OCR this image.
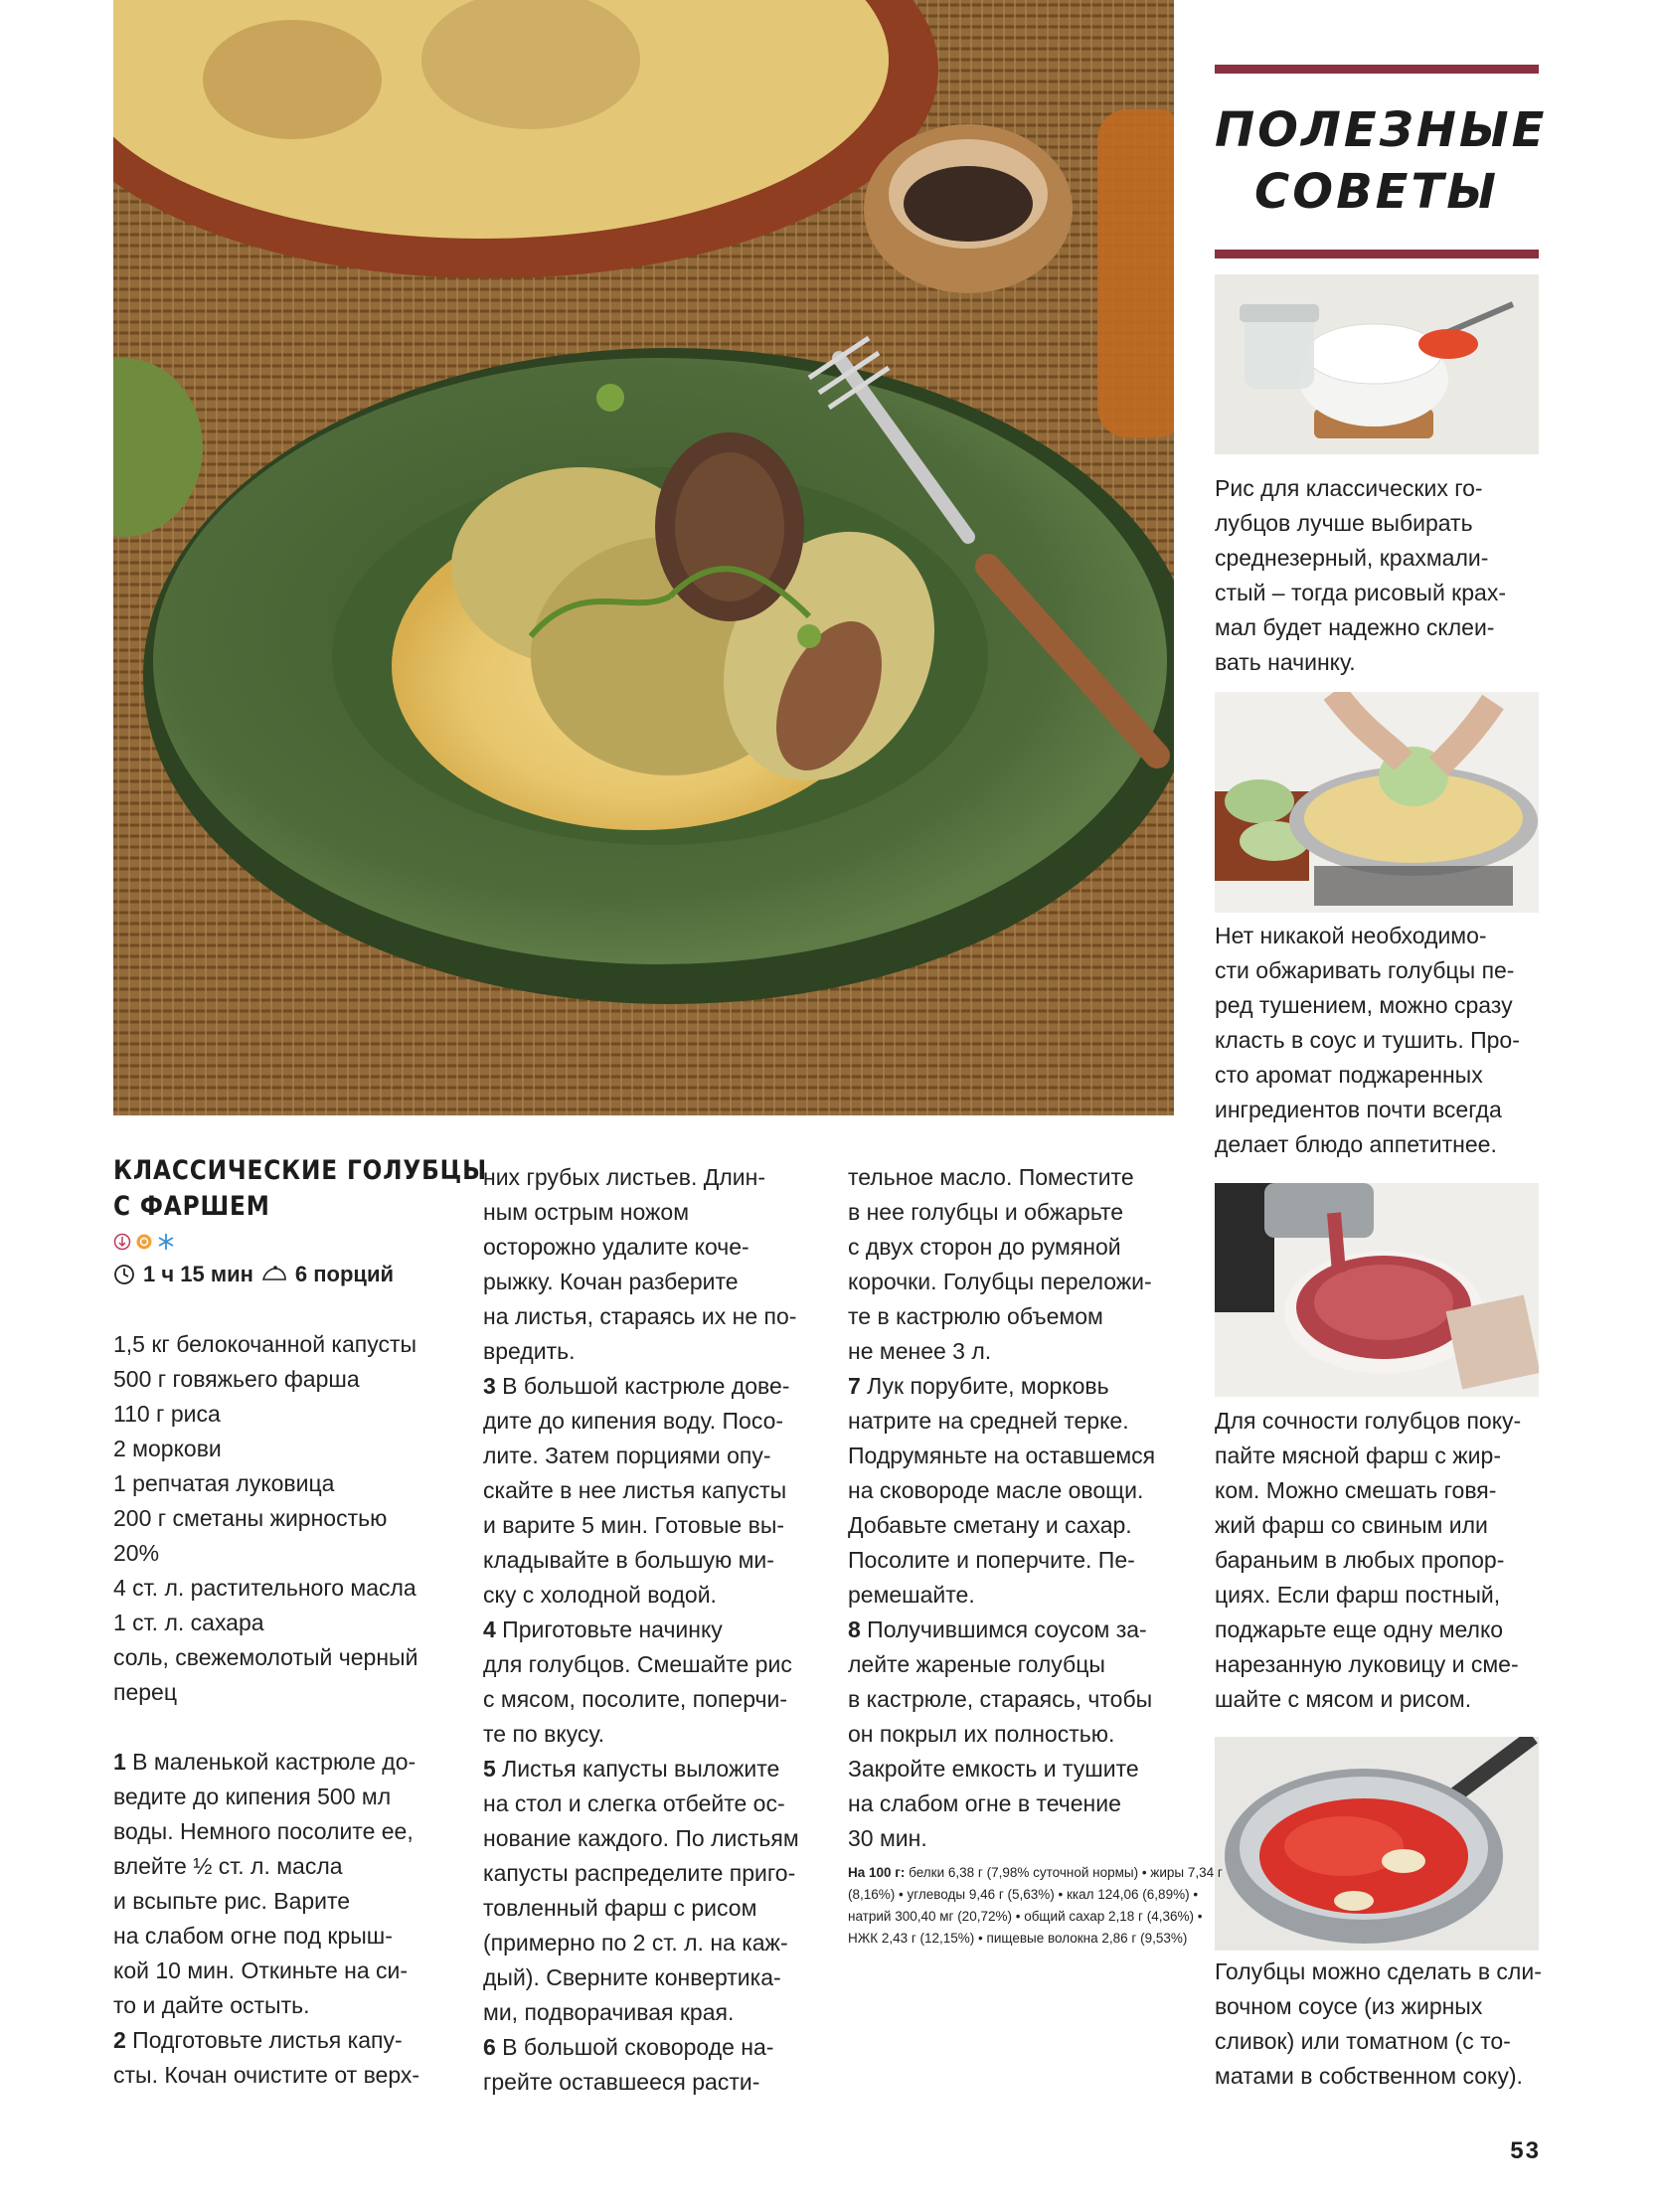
ПОЛЕЗНЫЕ
СОВЕТЫ
Рис для классических го-
лубцов лучше выбирать
среднезерный, крахмали-
стый – тогда рисовый крах-
мал будет надежно склеи-
вать начинку.
Нет никакой необходимо-
сти обжаривать голубцы пе-
ред тушением, можно сразу
класть в соус и тушить. Про-
сто аромат поджаренных
ингредиентов почти всегда
делает блюдо аппетитнее.
Для сочности голубцов поку-
пайте мясной фарш с жир-
ком. Можно смешать говя-
жий фарш со свиным или
бараньим в любых пропор-
циях. Если фарш постный,
поджарьте еще одну мелко
нарезанную луковицу и сме-
шайте с мясом и рисом.
Голубцы можно сделать в сли-
вочном соусе (из жирных
сливок) или томатном (с то-
матами в собственном соку).
КЛАССИЧЕСКИЕ ГОЛУБЦЫ
С ФАРШЕМ
1 ч 15 мин 6 порций
1,5 кг белокочанной капусты
500 г говяжьего фарша
110 г риса
2 моркови
1 репчатая луковица
200 г сметаны жирностью
20%
4 ст. л. растительного масла
1 ст. л. сахара
соль, свежемолотый черный
перец
1 В маленькой кастрюле до-
ведите до кипения 500 мл
воды. Немного посолите ее,
влейте ½ ст. л. масла
и всыпьте рис. Варите
на слабом огне под крыш-
кой 10 мин. Откиньте на си-
то и дайте остыть.
2 Подготовьте листья капу-
сты. Кочан очистите от верх-
них грубых листьев. Длин-
ным острым ножом
осторожно удалите коче-
рыжку. Кочан разберите
на листья, стараясь их не по-
вредить.
3 В большой кастрюле дове-
дите до кипения воду. Посо-
лите. Затем порциями опу-
скайте в нее листья капусты
и варите 5 мин. Готовые вы-
кладывайте в большую ми-
ску с холодной водой.
4 Приготовьте начинку
для голубцов. Смешайте рис
с мясом, посолите, поперчи-
те по вкусу.
5 Листья капусты выложите
на стол и слегка отбейте ос-
нование каждого. По листьям
капусты распределите приго-
товленный фарш с рисом
(примерно по 2 ст. л. на каж-
дый). Сверните конвертика-
ми, подворачивая края.
6 В большой сковороде на-
грейте оставшееся расти-
тельное масло. Поместите
в нее голубцы и обжарьте
с двух сторон до румяной
корочки. Голубцы переложи-
те в кастрюлю объемом
не менее 3 л.
7 Лук порубите, морковь
натрите на средней терке.
Подрумяньте на оставшемся
на сковороде масле овощи.
Добавьте сметану и сахар.
Посолите и поперчите. Пе-
ремешайте.
8 Получившимся соусом за-
лейте жареные голубцы
в кастрюле, стараясь, чтобы
он покрыл их полностью.
Закройте емкость и тушите
на слабом огне в течение
30 мин.
На 100 г: белки 6,38 г (7,98% суточной нормы) • жиры 7,34 г
(8,16%) • углеводы 9,46 г (5,63%) • ккал 124,06 (6,89%) •
натрий 300,40 мг (20,72%) • общий сахар 2,18 г (4,36%) •
НЖК 2,43 г (12,15%) • пищевые волокна 2,86 г (9,53%)
53
